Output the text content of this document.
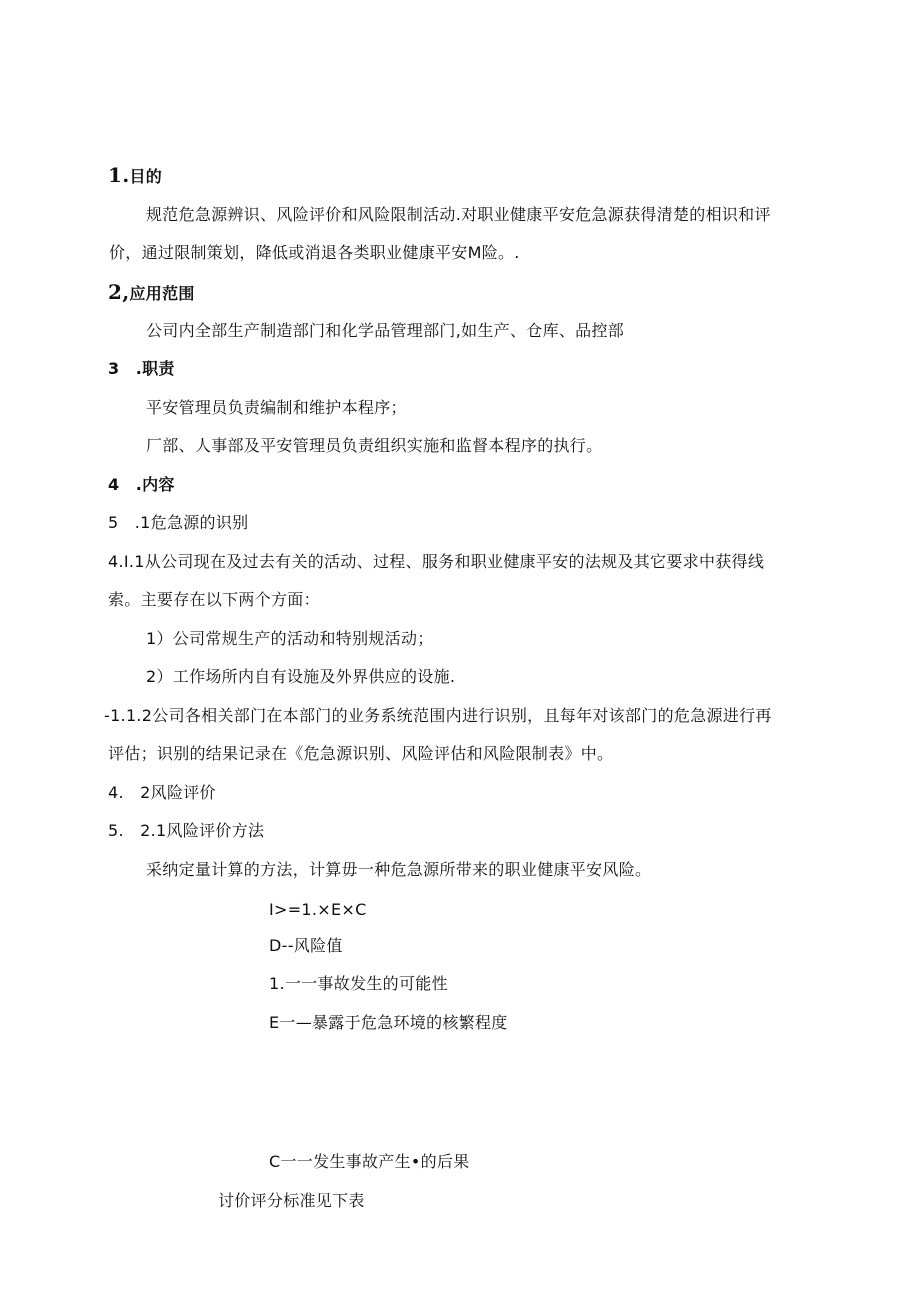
1.目的
规范危急源辨识、风险评价和风险限制活动.对职业健康平安危急源获得清楚的相识和评
价，通过限制策划，降低或消退各类职业健康平安M险。.
2,应用范围
公司内全部生产制造部门和化学品管理部门,如生产、仓库、品控部
3　.职责
平安管理员负责编制和维护本程序；
厂部、人事部及平安管理员负责组织实施和监督本程序的执行。
4　.内容
5　.1危急源的识别
4.I.1从公司现在及过去有关的活动、过程、服务和职业健康平安的法规及其它要求中获得线
索。主要存在以下两个方面：
1）公司常规生产的活动和特别规活动；
2）工作场所内自有设施及外界供应的设施.
-1.1.2公司各相关部门在本部门的业务系统范围内进行识别，且每年对该部门的危急源进行再
评估；识别的结果记录在《危急源识别、风险评估和风险限制表》中。
4.　2风险评价
5.　2.1风险评价方法
采纳定量计算的方法，计算毋一种危急源所带来的职业健康平安风险。
I>=1.×E×C
D--风险值
1.一一事故发生的可能性
E一—暴露于危急环境的核繁程度
C一一发生事故产生•的后果
讨价评分标准见下表
